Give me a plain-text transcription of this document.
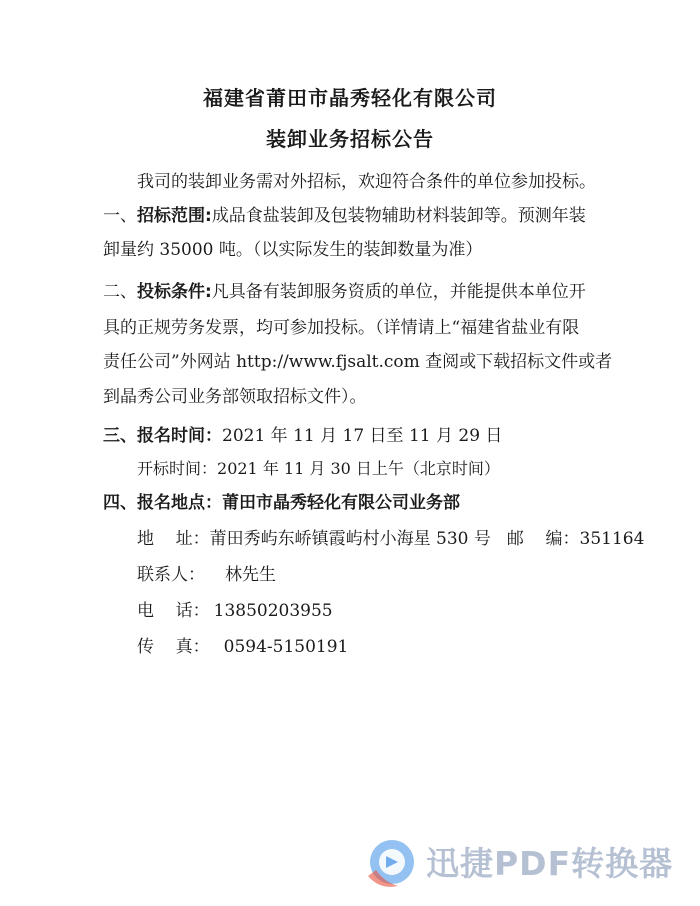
福建省莆田市晶秀轻化有限公司
装卸业务招标公告
我司的装卸业务需对外招标，欢迎符合条件的单位参加投标。
一、招标范围:成品食盐装卸及包装物辅助材料装卸等。预测年装
卸量约 35000 吨。（以实际发生的装卸数量为准）
二、投标条件:凡具备有装卸服务资质的单位，并能提供本单位开
具的正规劳务发票，均可参加投标。（详情请上“福建省盐业有限
责任公司”外网站 http://www.fjsalt.com 查阅或下载招标文件或者
到晶秀公司业务部领取招标文件）。
三、报名时间：2021 年 11 月 17 日至 11 月 29 日
开标时间：2021 年 11 月 30 日上午（北京时间）
四、报名地点：莆田市晶秀轻化有限公司业务部
地    址：莆田秀屿东峤镇霞屿村小海星 530 号 邮    编：351164
联系人： 林先生
电    话： 13850203955
传    真： 0594-5150191
迅捷PDF转换器
